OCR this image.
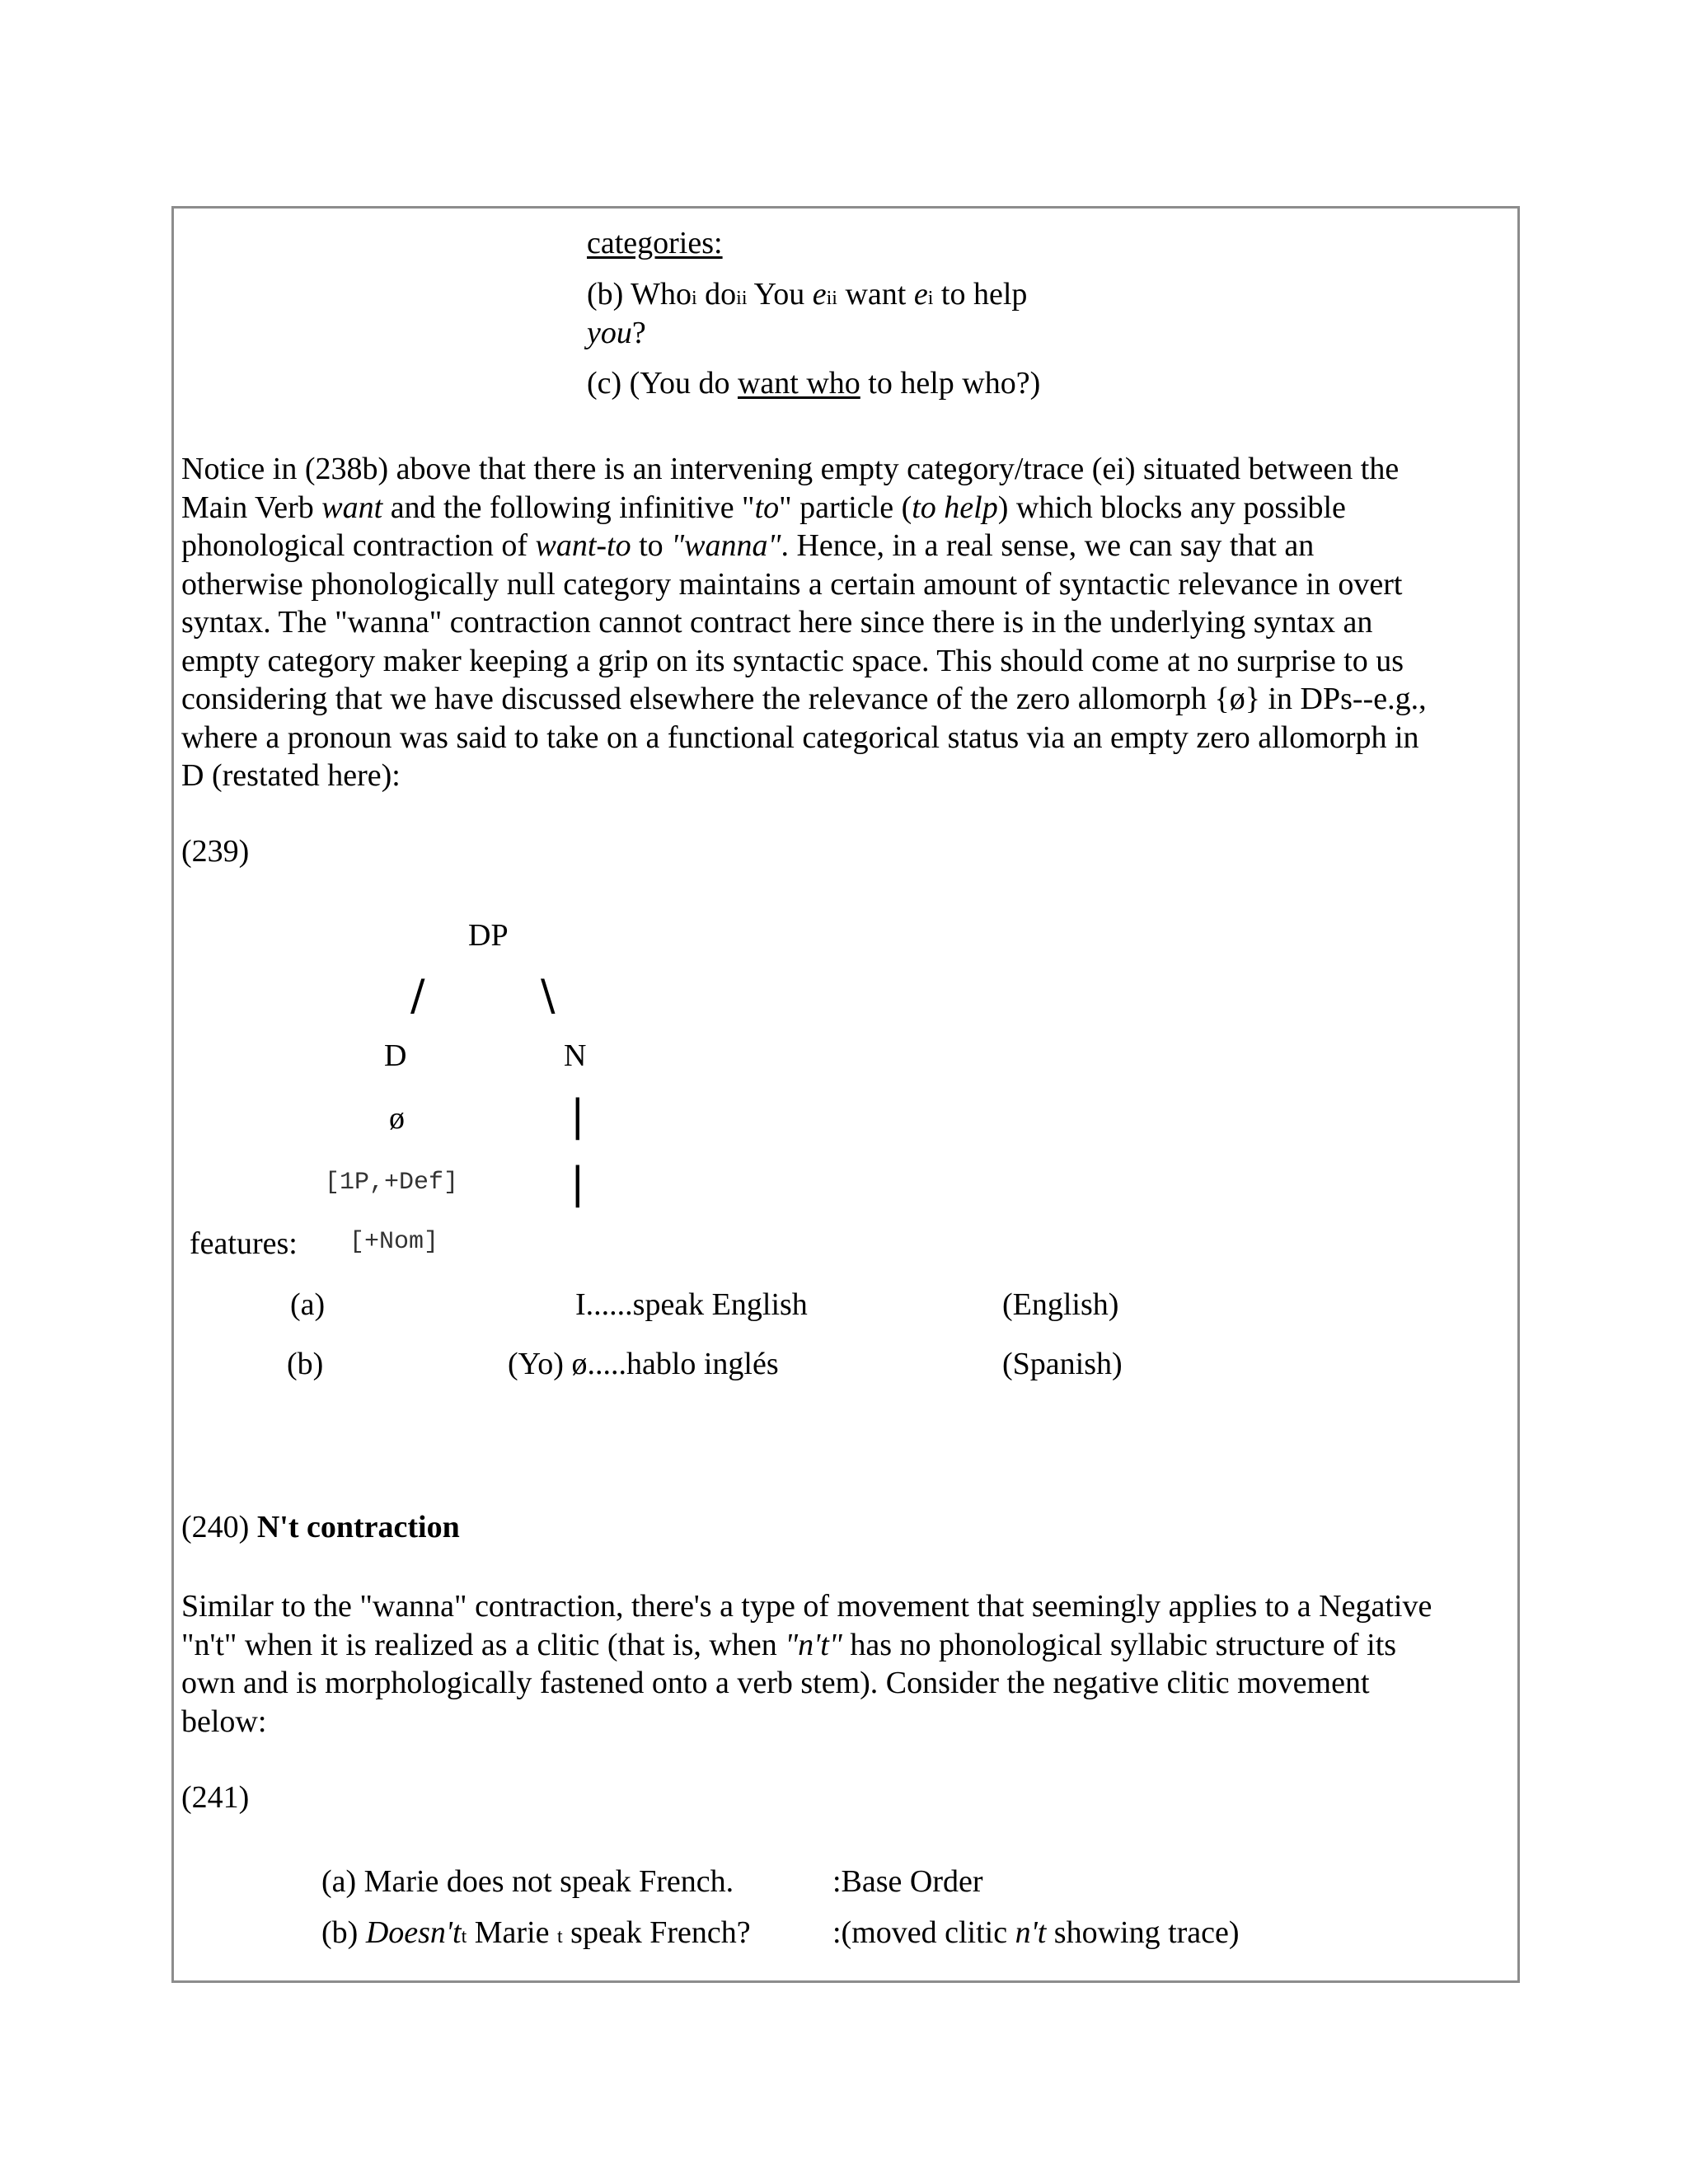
categories:
(b) Whoi doii You eii want ei to help
you?
(c) (You do want who to help who?)
Notice in (238b) above that there is an intervening empty category/trace (ei) situated between the
Main Verb want and the following infinitive "to" particle (to help) which blocks any possible
phonological contraction of want-to to "wanna". Hence, in a real sense, we can say that an
otherwise phonologically null category maintains a certain amount of syntactic relevance in overt
syntax. The "wanna" contraction cannot contract here since there is in the underlying syntax an
empty category maker keeping a grip on its syntactic space. This should come at no surprise to us
considering that we have discussed elsewhere the relevance of the zero allomorph {ø} in DPs--e.g.,
where a pronoun was said to take on a functional categorical status via an empty zero allomorph in
D (restated here):
(239)
DP
/	\
D	N
ø	|
[1P,+Def]	|
features: [+Nom]
(a)	I......speak English	(English)
(b)	(Yo) ø.....hablo inglés	(Spanish)
(240) N't contraction
Similar to the "wanna" contraction, there's a type of movement that seemingly applies to a Negative
"n't" when it is realized as a clitic (that is, when "n't" has no phonological syllabic structure of its
own and is morphologically fastened onto a verb stem). Consider the negative clitic movement
below:
(241)
(a) Marie does not speak French.	:Base Order
(b) Doesn'tt Marie t speak French?	:(moved clitic n't showing trace)
